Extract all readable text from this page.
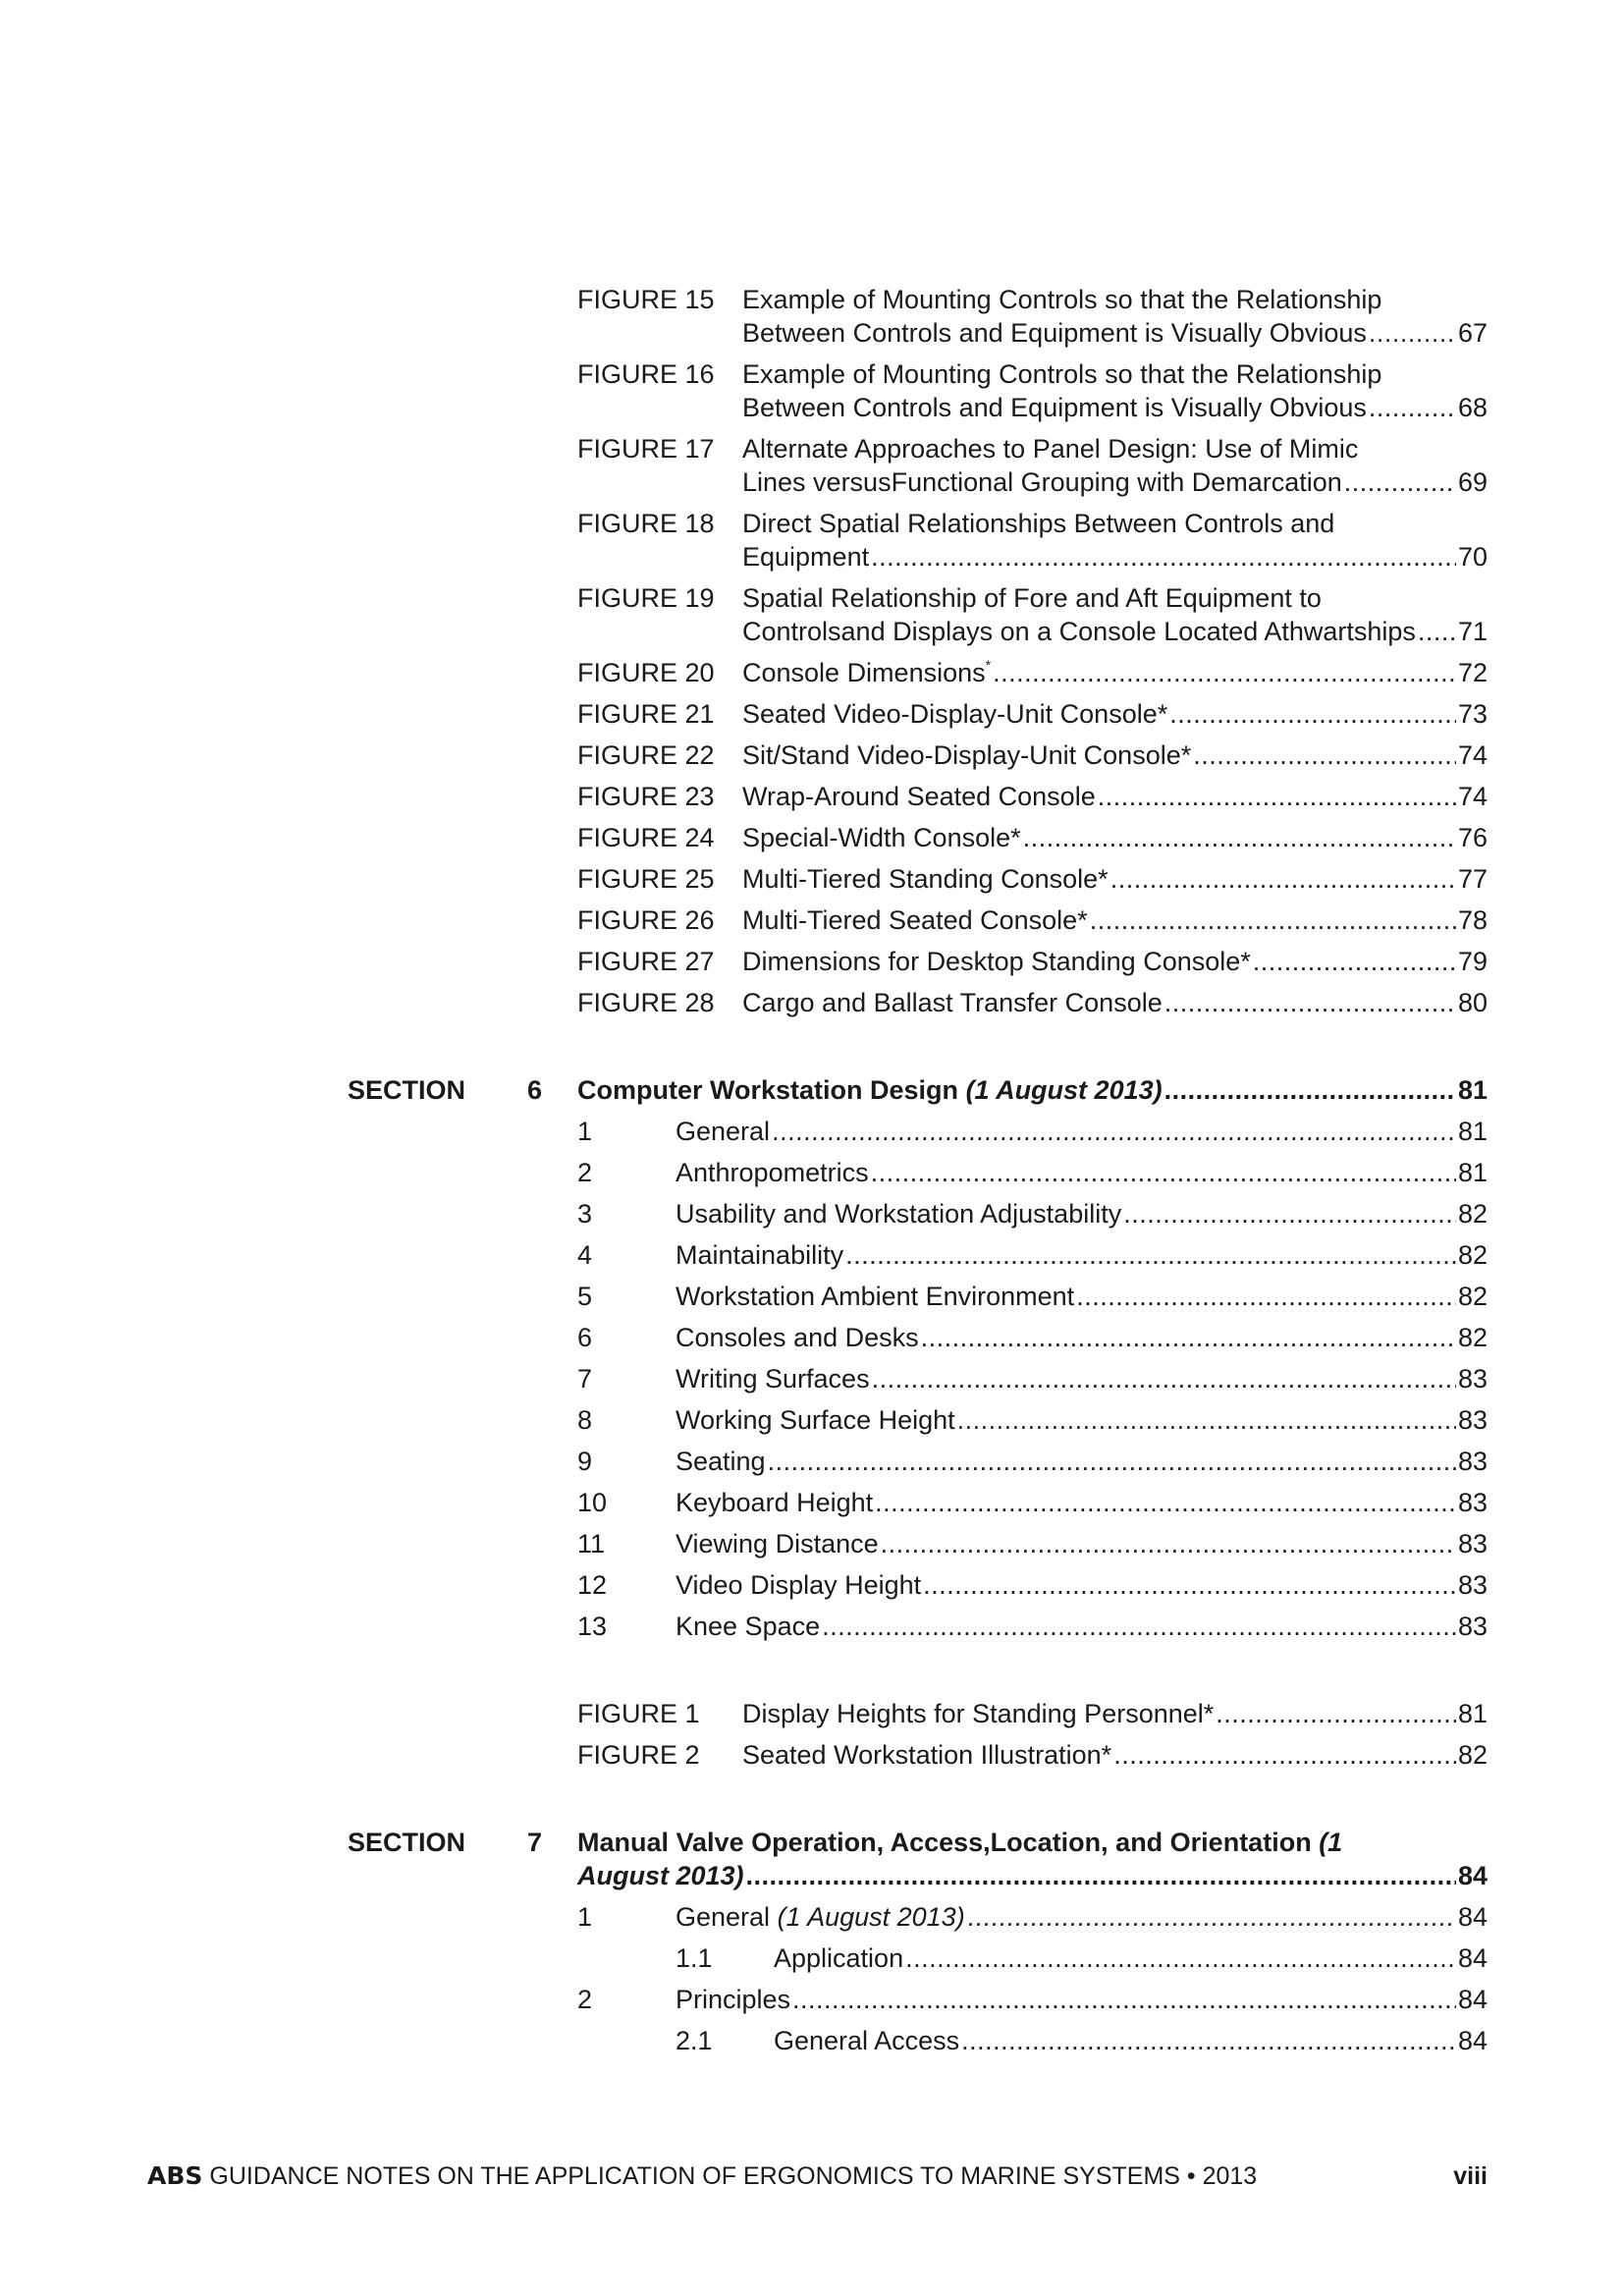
FIGURE 15 Example of Mounting Controls so that the Relationship
Between Controls and Equipment is Visually Obvious .....	67
FIGURE 16 Example of Mounting Controls so that the Relationship
Between Controls and Equipment is Visually Obvious .....	68
FIGURE 17 Alternate Approaches to Panel Design: Use of Mimic
Lines versusFunctional Grouping with Demarcation .....	69
FIGURE 18 Direct Spatial Relationships Between Controls and
Equipment .....	70
FIGURE 19 Spatial Relationship of Fore and Aft Equipment to
Controlsand Displays on a Console Located Athwartships ..... 71
FIGURE 20 Console Dimensions* .....	72
FIGURE 21 Seated Video-Display-Unit Console* .....	73
FIGURE 22 Sit/Stand Video-Display-Unit Console* .....	74
FIGURE 23 Wrap-Around Seated Console .....	74
FIGURE 24 Special-Width Console* .....	76
FIGURE 25 Multi-Tiered Standing Console* .....	77
FIGURE 26 Multi-Tiered Seated Console* .....	78
FIGURE 27 Dimensions for Desktop Standing Console* .....	79
FIGURE 28 Cargo and Ballast Transfer Console .....	80
SECTION 6 Computer Workstation Design (1 August 2013) .....	81
1	General .....	81
2	Anthropometrics .....	81
3	Usability and Workstation Adjustability .....	82
4	Maintainability .....	82
5	Workstation Ambient Environment .....	82
6	Consoles and Desks .....	82
7	Writing Surfaces .....	83
8	Working Surface Height .....	83
9	Seating .....	83
10	Keyboard Height .....	83
11	Viewing Distance .....	83
12	Video Display Height .....	83
13	Knee Space .....	83
FIGURE 1 Display Heights for Standing Personnel* .....	81
FIGURE 2 Seated Workstation Illustration* .....	82
SECTION 7 Manual Valve Operation, Access,Location, and Orientation (1
August 2013) .....	84
1	General (1 August 2013) .....	84
1.1 Application .....	84
2	Principles .....	84
2.1 General Access .....	84
ABS GUIDANCE NOTES ON THE APPLICATION OF ERGONOMICS TO MARINE SYSTEMS • 2013	viii
